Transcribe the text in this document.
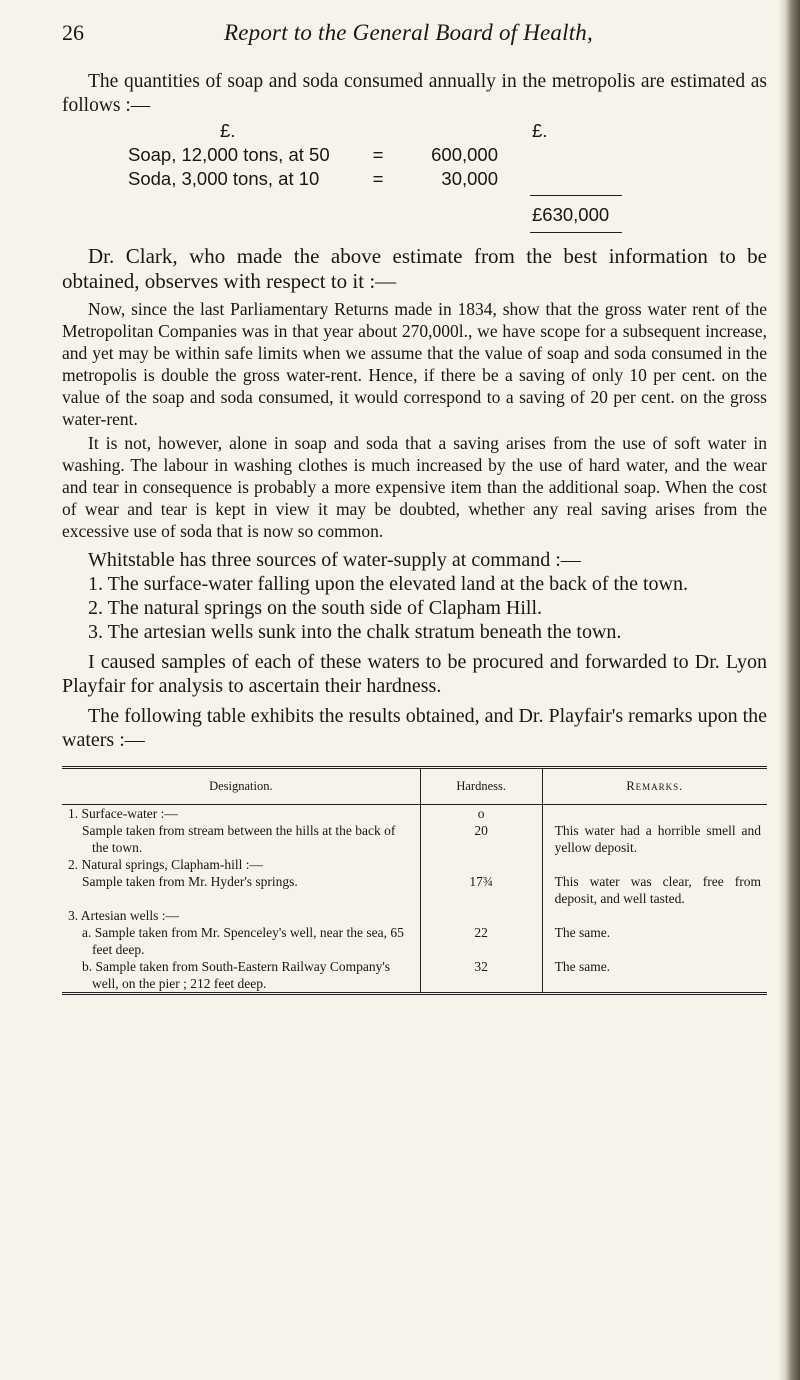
26	Report to the General Board of Health,

The quantities of soap and soda consumed annually in the metropolis are estimated as follows :—

£.	£.
Soap, 12,000 tons, at 50 =	600,000
Soda, 3,000 tons, at 10	=	30,000
£630,000

Dr. Clark, who made the above estimate from the best information to be obtained, observes with respect to it :—

Now, since the last Parliamentary Returns made in 1834, show that the gross water rent of the Metropolitan Companies was in that year about 270,000l., we have scope for a subsequent increase, and yet may be within safe limits when we assume that the value of soap and soda consumed in the metropolis is double the gross water-rent. Hence, if there be a saving of only 10 per cent. on the value of the soap and soda consumed, it would correspond to a saving of 20 per cent. on the gross water-rent.

It is not, however, alone in soap and soda that a saving arises from the use of soft water in washing. The labour in washing clothes is much increased by the use of hard water, and the wear and tear in consequence is probably a more expensive item than the additional soap. When the cost of wear and tear is kept in view it may be doubted, whether any real saving arises from the excessive use of soda that is now so common.

Whitstable has three sources of water-supply at command :—

1. The surface-water falling upon the elevated land at the back of the town.

2. The natural springs on the south side of Clapham Hill.

3. The artesian wells sunk into the chalk stratum beneath the town.

I caused samples of each of these waters to be procured and forwarded to Dr. Lyon Playfair for analysis to ascertain their hardness.

The following table exhibits the results obtained, and Dr. Playfair's remarks upon the waters :—

Designation.	Hardness.	Remarks.
1. Surface-water :—	o	

Sample taken from stream between the hills at the back of the town.	20	This water had a horrible smell and yellow deposit.

2. Natural springs, Clapham-hill :—		

Sample taken from Mr. Hyder's springs.	17¾	This water was clear, free from deposit, and well tasted.

3. Artesian wells :—		

a. Sample taken from Mr. Spenceley's well, near the sea, 65 feet deep.	22	The same.

b. Sample taken from South-Eastern Railway Company's well, on the pier ; 212 feet deep.	32	The same.
